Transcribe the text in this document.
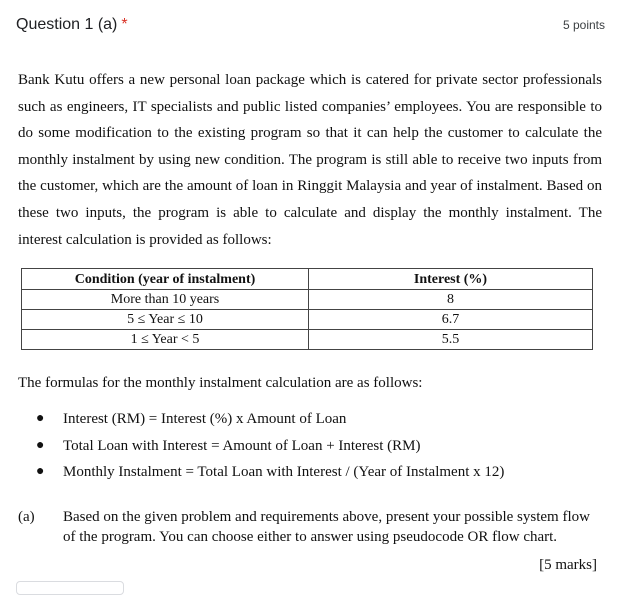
Question 1 (a) *	5 points

Bank Kutu offers a new personal loan package which is catered for private sector professionals such as engineers, IT specialists and public listed companies’ employees. You are responsible to do some modification to the existing program so that it can help the customer to calculate the monthly instalment by using new condition. The program is still able to receive two inputs from the customer, which are the amount of loan in Ringgit Malaysia and year of instalment. Based on these two inputs, the program is able to calculate and display the monthly instalment. The interest calculation is provided as follows:

Condition (year of instalment)	Interest (%)
More than 10 years	8
5 ≤ Year ≤ 10	6.7
1 ≤ Year < 5	5.5

The formulas for the monthly instalment calculation are as follows:

● Interest (RM) = Interest (%) x Amount of Loan
● Total Loan with Interest = Amount of Loan + Interest (RM)
● Monthly Instalment = Total Loan with Interest / (Year of Instalment x 12)
(a) Based on the given problem and requirements above, present your possible system flow of the program. You can choose either to answer using pseudocode OR flow chart.

[5 marks]
